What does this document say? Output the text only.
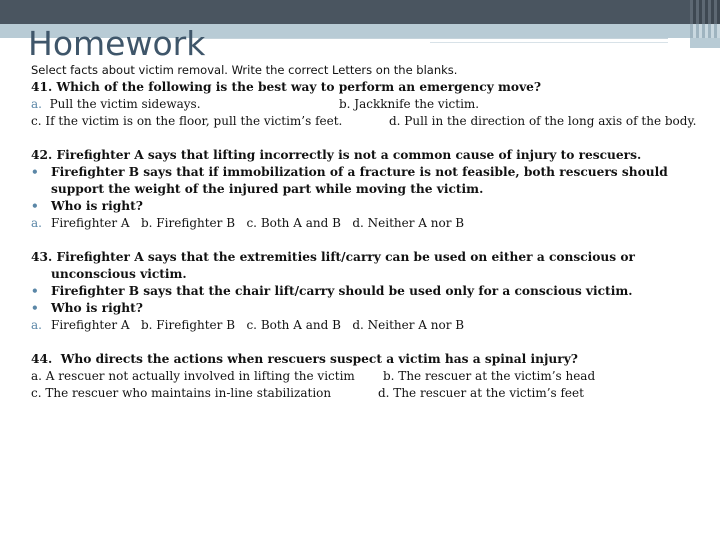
Homework

Select facts about victim removal. Write the correct Letters on the blanks.

41. Which of the following is the best way to perform an emergency move?

a. Pull the victim sideways.	b. Jackknife the victim.
c. If the victim is on the floor, pull the victim’s feet.	d. Pull in the direction of the long axis of the body.

42. Firefighter A says that lifting incorrectly is not a common cause of injury to rescuers.

•	Firefighter B says that if immobilization of a fracture is not feasible, both rescuers should
support the weight of the injured part while moving the victim.
•	Who is right?
a. Firefighter A   b. Firefighter B   c. Both A and B   d. Neither A nor B

43. Firefighter A says that the extremities lift/carry can be used on either a conscious or

unconscious victim.

•	Firefighter B says that the chair lift/carry should be used only for a conscious victim.
•	Who is right?
a. Firefighter A   b. Firefighter B   c. Both A and B   d. Neither A nor B

44.  Who directs the actions when rescuers suspect a victim has a spinal injury?

a. A rescuer not actually involved in lifting the victim	b. The rescuer at the victim’s head
c. The rescuer who maintains in-line stabilization	d. The rescuer at the victim’s feet
